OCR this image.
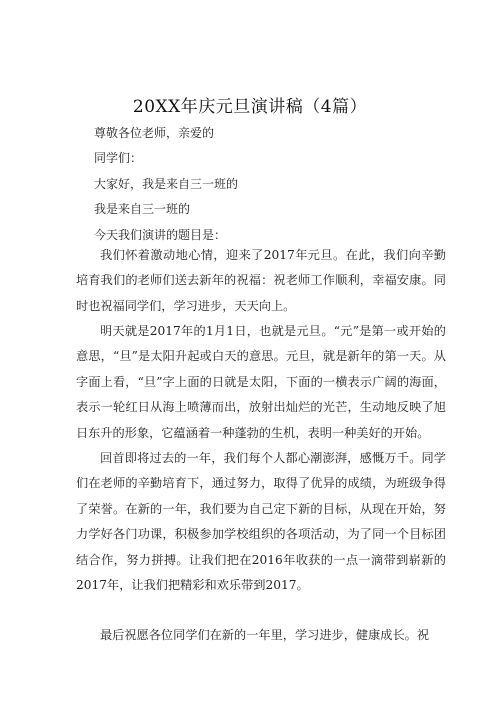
20XX年庆元旦演讲稿（4篇）
尊敬各位老师，亲爱的
同学们：
大家好，我是来自三一班的
我是来自三一班的
今天我们演讲的题目是：

我们怀着激动地心情，迎来了2017年元旦。在此，我们向辛勤培育我们的老师们送去新年的祝福：祝老师工作顺利，幸福安康。同时也祝福同学们，学习进步，天天向上。

明天就是2017年的1月1日，也就是元旦。“元”是第一或开始的意思，“旦”是太阳升起或白天的意思。元旦，就是新年的第一天。从字面上看，“旦”字上面的日就是太阳，下面的一横表示广阔的海面，表示一轮红日从海上喷薄而出，放射出灿烂的光芒，生动地反映了旭日东升的形象，它蕴涵着一种蓬勃的生机，表明一种美好的开始。

回首即将过去的一年，我们每个人都心潮澎湃，感慨万千。同学们在老师的辛勤培育下，通过努力，取得了优异的成绩，为班级争得了荣誉。在新的一年，我们要为自己定下新的目标，从现在开始，努力学好各门功课，积极参加学校组织的各项活动，为了同一个目标团结合作，努力拼搏。让我们把在2016年收获的一点一滴带到崭新的2017年，让我们把精彩和欢乐带到2017。

最后祝愿各位同学们在新的一年里，学习进步，健康成长。祝
